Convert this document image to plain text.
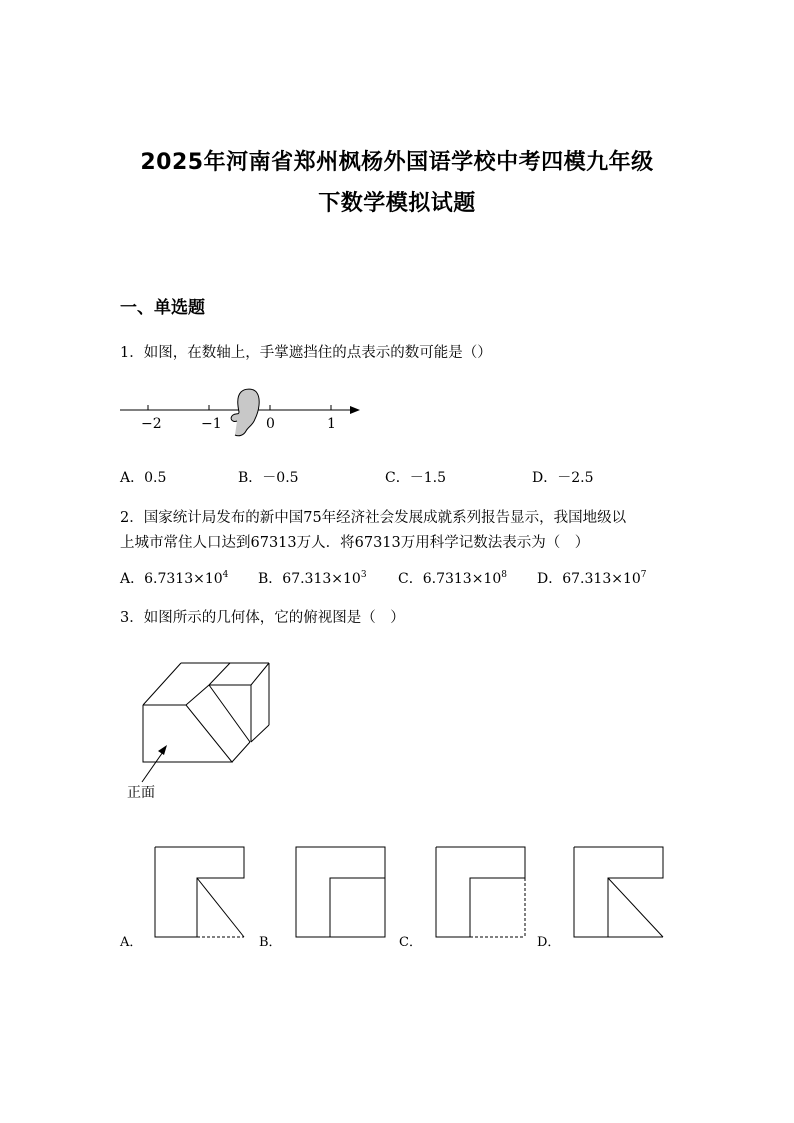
2025年河南省郑州枫杨外国语学校中考四模九年级
下数学模拟试题
一、单选题
1．如图，在数轴上，手掌遮挡住的点表示的数可能是（）
−2	−1	0	1
A．0.5	B．－0.5	C．－1.5	D．－2.5
2．国家统计局发布的新中国75年经济社会发展成就系列报告显示，我国地级以
上城市常住人口达到67313万人．将67313万用科学记数法表示为（　）
A．$6.7313\times 10^4$ B．$67.313\times 10^3$ C．$6.7313\times 10^8$ D．$67.313\times 10^7$
3．如图所示的几何体，它的俯视图是（　）
正面
A．	B．	C．	D．
